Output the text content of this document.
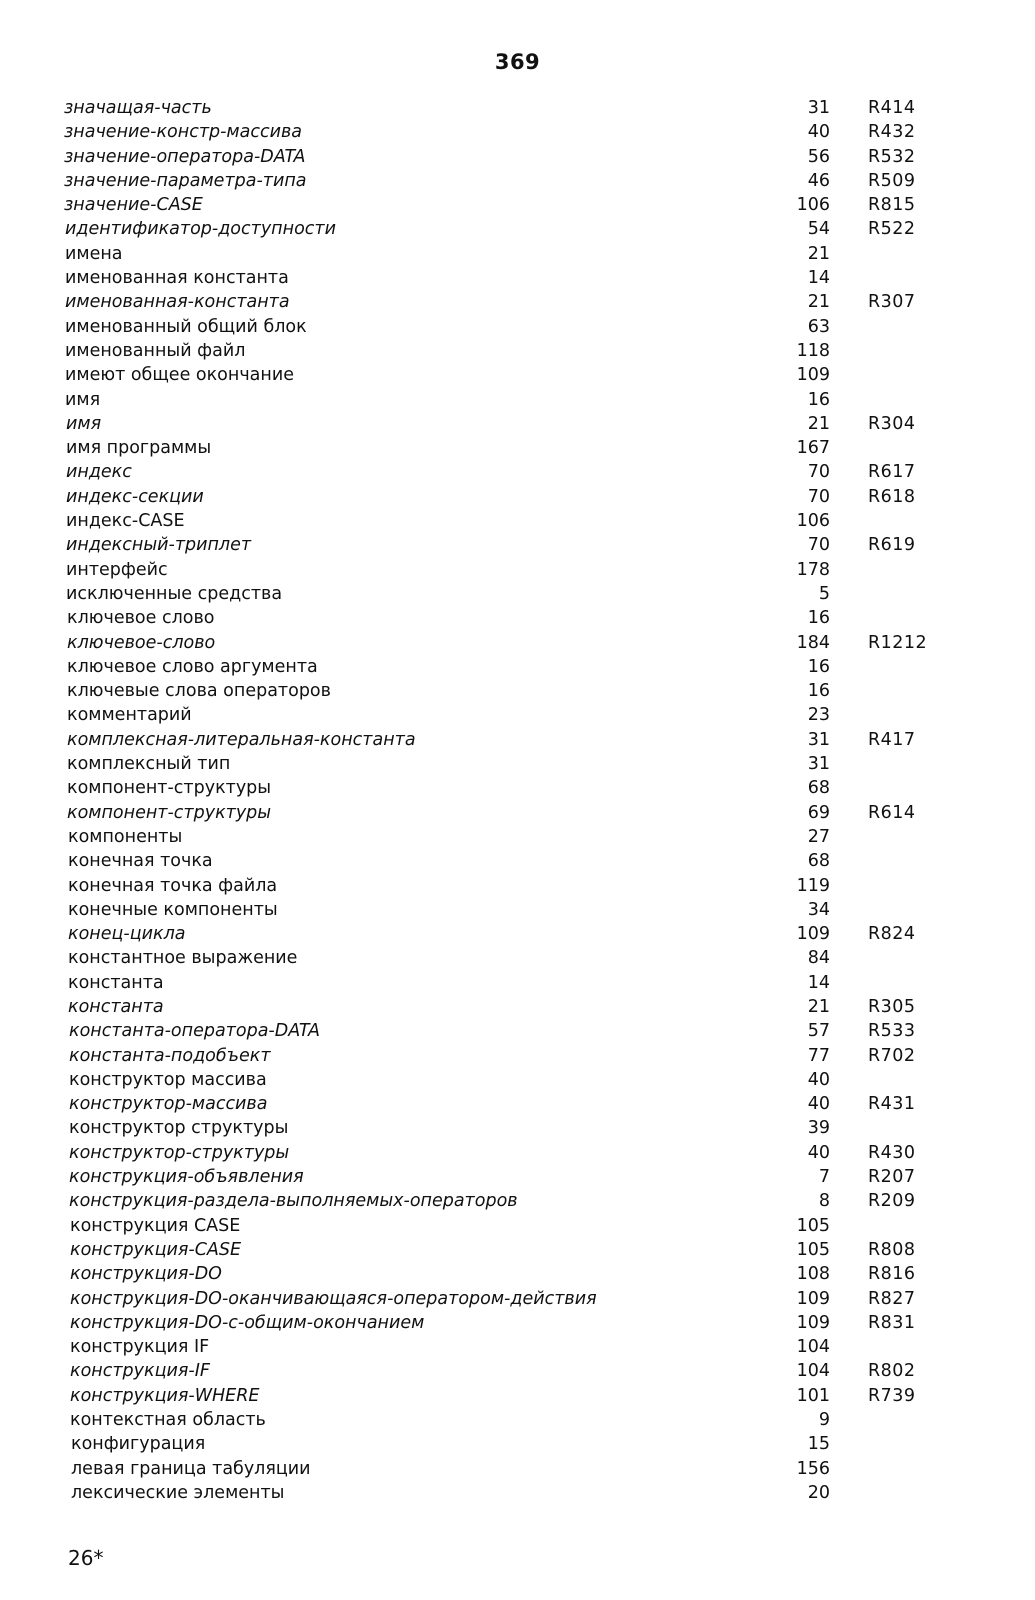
369
значащая-часть	31 R414
значение-констр-массива	40 R432
значение-оператора-DATA	56 R532
значение-параметра-типа	46 R509
значение-CASE	106 R815
идентификатор-доступности	54 R522
имена	21
именованная константа	14
именованная-константа	21 R307
именованный общий блок	63
именованный файл	118
имеют общее окончание	109
имя	16
имя	21 R304
имя программы	167
индекс	70 R617
индекс-секции	70 R618
индекс-CASE	106
индексный-триплет	70 R619
интерфейс	178
исключенные средства	5
ключевое слово	16
ключевое-слово	184 R1212
ключевое слово аргумента	16
ключевые слова операторов	16
комментарий	23
комплексная-литеральная-константа	31 R417
комплексный тип	31
компонент-структуры	68
компонент-структуры	69 R614
компоненты	27
конечная точка	68
конечная точка файла	119
конечные компоненты	34
конец-цикла	109 R824
константное выражение	84
константа	14
константа	21 R305
константа-оператора-DATA	57 R533
константа-подобъект	77 R702
конструктор массива	40
конструктор-массива	40 R431
конструктор структуры	39
конструктор-структуры	40 R430
конструкция-объявления	7 R207
конструкция-раздела-выполняемых-операторов	8 R209
конструкция CASE	105
конструкция-CASE	105 R808
конструкция-DO	108 R816
конструкция-DO-оканчивающаяся-оператором-действия	109 R827
конструкция-DO-с-общим-окончанием	109 R831
конструкция IF	104
конструкция-IF	104 R802
конструкция-WHERE	101 R739
контекстная область	9
конфигурация	15
левая граница табуляции	156
лексические элементы	20
26*
